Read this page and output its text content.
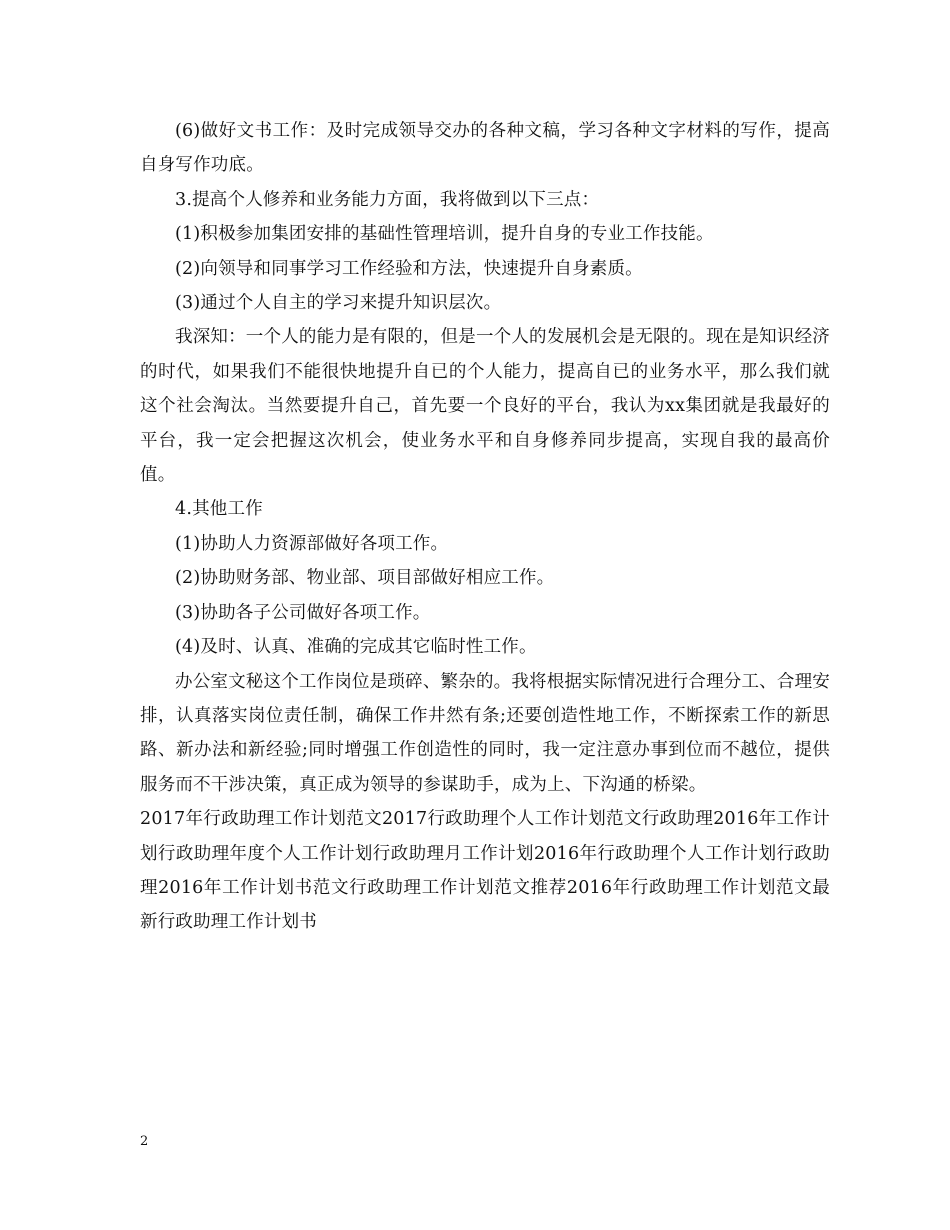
(6)做好文书工作：及时完成领导交办的各种文稿，学习各种文字材料的写作，提高自身写作功底。

3.提高个人修养和业务能力方面，我将做到以下三点：

(1)积极参加集团安排的基础性管理培训，提升自身的专业工作技能。

(2)向领导和同事学习工作经验和方法，快速提升自身素质。

(3)通过个人自主的学习来提升知识层次。

我深知：一个人的能力是有限的，但是一个人的发展机会是无限的。现在是知识经济的时代，如果我们不能很快地提升自已的个人能力，提高自已的业务水平，那么我们就这个社会淘汰。当然要提升自己，首先要一个良好的平台，我认为xx集团就是我最好的平台，我一定会把握这次机会，使业务水平和自身修养同步提高，实现自我的最高价值。

4.其他工作

(1)协助人力资源部做好各项工作。

(2)协助财务部、物业部、项目部做好相应工作。

(3)协助各子公司做好各项工作。

(4)及时、认真、准确的完成其它临时性工作。

办公室文秘这个工作岗位是琐碎、繁杂的。我将根据实际情况进行合理分工、合理安排，认真落实岗位责任制，确保工作井然有条;还要创造性地工作，不断探索工作的新思路、新办法和新经验;同时增强工作创造性的同时，我一定注意办事到位而不越位，提供服务而不干涉决策，真正成为领导的参谋助手，成为上、下沟通的桥梁。

2017年行政助理工作计划范文2017行政助理个人工作计划范文行政助理2016年工作计划行政助理年度个人工作计划行政助理月工作计划2016年行政助理个人工作计划行政助理2016年工作计划书范文行政助理工作计划范文推荐2016年行政助理工作计划范文最新行政助理工作计划书

2
